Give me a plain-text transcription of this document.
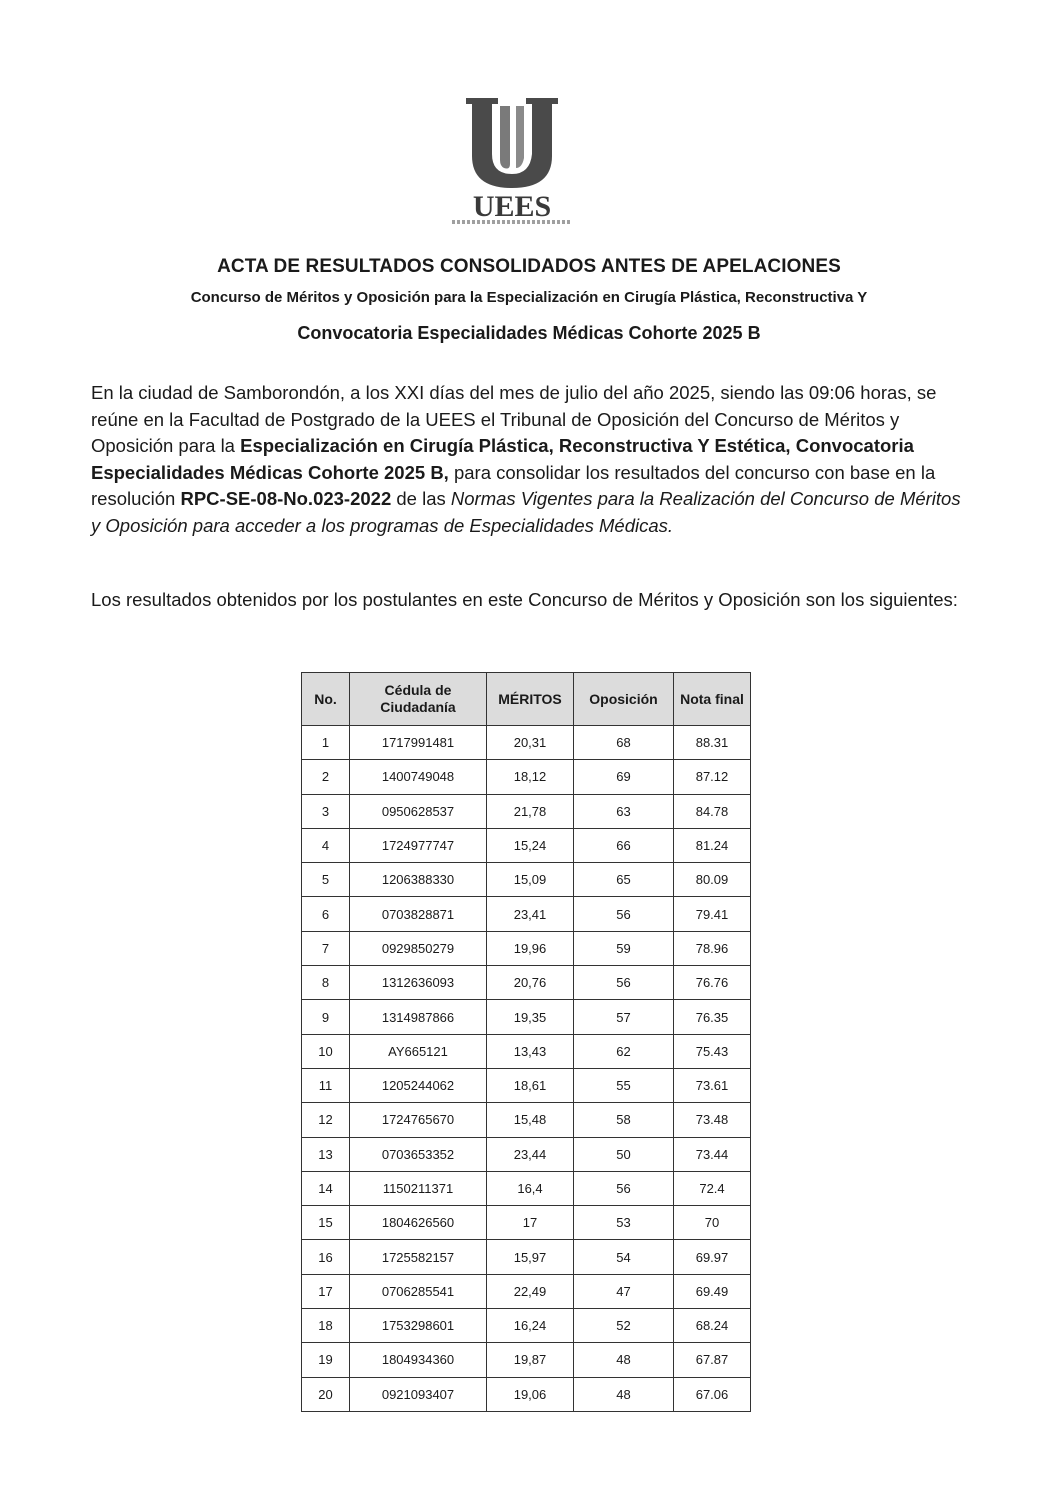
UEES
ACTA DE RESULTADOS CONSOLIDADOS ANTES DE APELACIONES

Concurso de Méritos y Oposición para la Especialización en Cirugía Plástica, Reconstructiva Y

Convocatoria Especialidades Médicas Cohorte 2025 B

En la ciudad de Samborondón, a los XXI días del mes de julio del año 2025, siendo las 09:06 horas, se reúne en la Facultad de Postgrado de la UEES el Tribunal de Oposición del Concurso de Méritos y Oposición para la Especialización en Cirugía Plástica, Reconstructiva Y Estética, Convocatoria Especialidades Médicas Cohorte 2025 B, para consolidar los resultados del concurso con base en la resolución RPC-SE-08-No.023-2022 de las Normas Vigentes para la Realización del Concurso de Méritos y Oposición para acceder a los programas de Especialidades Médicas.

Los resultados obtenidos por los postulantes en este Concurso de Méritos y Oposición son los siguientes:

No.	Cédula de Ciudadanía	MÉRITOS	Oposición	Nota final
1	1717991481	20,31	68	88.31
2	1400749048	18,12	69	87.12
3	0950628537	21,78	63	84.78
4	1724977747	15,24	66	81.24
5	1206388330	15,09	65	80.09
6	0703828871	23,41	56	79.41
7	0929850279	19,96	59	78.96
8	1312636093	20,76	56	76.76
9	1314987866	19,35	57	76.35
10	AY665121	13,43	62	75.43
11	1205244062	18,61	55	73.61
12	1724765670	15,48	58	73.48
13	0703653352	23,44	50	73.44
14	1150211371	16,4	56	72.4
15	1804626560	17	53	70
16	1725582157	15,97	54	69.97
17	0706285541	22,49	47	69.49
18	1753298601	16,24	52	68.24
19	1804934360	19,87	48	67.87
20	0921093407	19,06	48	67.06
